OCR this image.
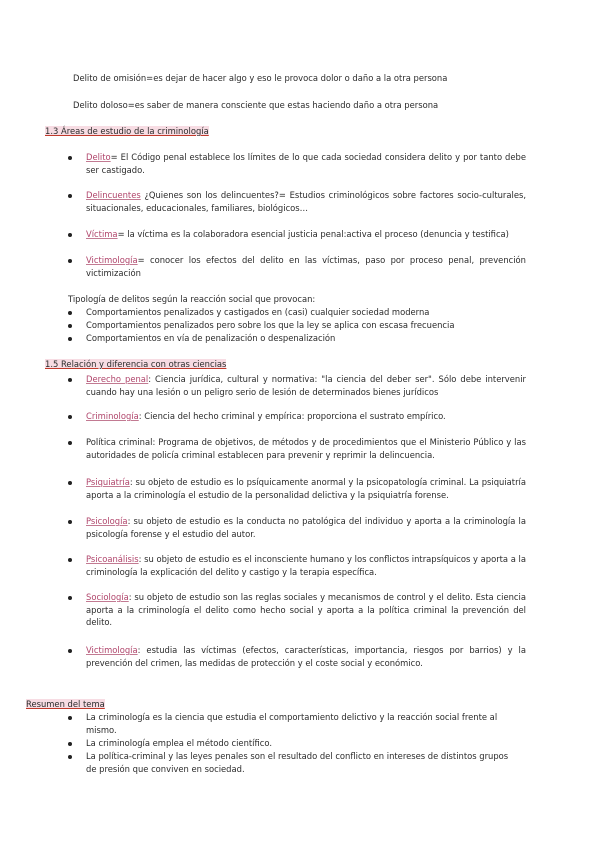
Delito de omisión=es dejar de hacer algo y eso le provoca dolor o daño a la otra persona
Delito doloso=es saber de manera consciente que estas haciendo daño a otra persona
1.3 Áreas de estudio de la criminología
Delito= El Código penal establece los límites de lo que cada sociedad considera delito y por tanto debe ser castigado.
Delincuentes ¿Quienes son los delincuentes?= Estudios criminológicos sobre factores socio-culturales, situacionales, educacionales, familiares, biológicos…
Víctima= la víctima es la colaboradora esencial justicia penal:activa el proceso (denuncia y testifica)
Victimología= conocer los efectos del delito en las víctimas, paso por proceso penal, prevención victimización
Tipología de delitos según la reacción social que provocan:
Comportamientos penalizados y castigados en (casi) cualquier sociedad moderna
Comportamientos penalizados pero sobre los que la ley se aplica con escasa frecuencia
Comportamientos en vía de penalización o despenalización
1.5 Relación y diferencia con otras ciencias
Derecho penal: Ciencia jurídica, cultural y normativa: "la ciencia del deber ser". Sólo debe intervenir cuando hay una lesión o un peligro serio de lesión de determinados bienes jurídicos
Criminología: Ciencia del hecho criminal y empírica: proporciona el sustrato empírico.
Política criminal: Programa de objetivos, de métodos y de procedimientos que el Ministerio Público y las autoridades de policía criminal establecen para prevenir y reprimir la delincuencia.
Psiquiatría: su objeto de estudio es lo psíquicamente anormal y la psicopatología criminal. La psiquiatría aporta a la criminología el estudio de la personalidad delictiva y la psiquiatría forense.
Psicología: su objeto de estudio es la conducta no patológica del individuo y aporta a la criminología la psicología forense y el estudio del autor.
Psicoanálisis: su objeto de estudio es el inconsciente humano y los conflictos intrapsíquicos y aporta a la criminología la explicación del delito y castigo y la terapia específica.
Sociología: su objeto de estudio son las reglas sociales y mecanismos de control y el delito. Esta ciencia aporta a la criminología el delito como hecho social y aporta a la política criminal la prevención del delito.
Victimología: estudia las víctimas (efectos, características, importancia, riesgos por barrios) y la prevención del crimen, las medidas de protección y el coste social y económico.
Resumen del tema
La criminología es la ciencia que estudia el comportamiento delictivo y la reacción social frente al mismo.
La criminología emplea el método científico.
La política-criminal y las leyes penales son el resultado del conflicto en intereses de distintos grupos de presión que conviven en sociedad.
